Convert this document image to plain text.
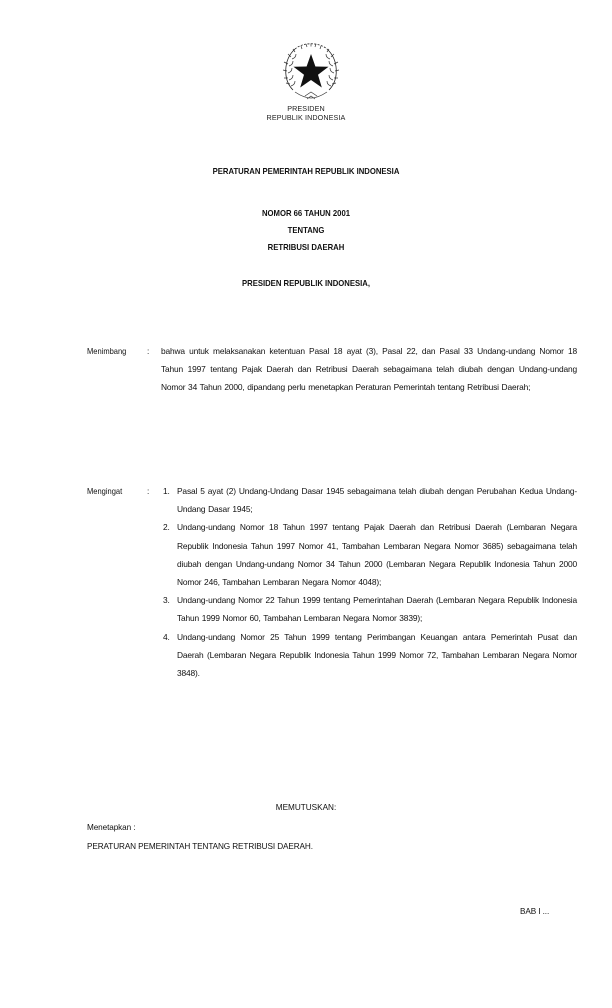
PRESIDEN
REPUBLIK INDONESIA
PERATURAN PEMERINTAH REPUBLIK INDONESIA
NOMOR 66 TAHUN 2001
TENTANG
RETRIBUSI DAERAH
PRESIDEN REPUBLIK INDONESIA,
Menimbang	: bahwa untuk melaksanakan ketentuan Pasal 18 ayat (3), Pasal 22, dan Pasal 33 Undang-undang Nomor 18 Tahun 1997 tentang Pajak Daerah dan Retribusi Daerah sebagaimana telah diubah dengan Undang-undang Nomor 34 Tahun 2000, dipandang perlu menetapkan Peraturan Pemerintah tentang Retribusi Daerah;
Mengingat	: 1. Pasal 5 ayat (2) Undang-Undang Dasar 1945 sebagaimana telah diubah dengan Perubahan Kedua Undang-Undang Dasar 1945;
2. Undang-undang Nomor 18 Tahun 1997 tentang Pajak Daerah dan Retribusi Daerah (Lembaran Negara Republik Indonesia Tahun 1997 Nomor 41, Tambahan Lembaran Negara Nomor 3685) sebagaimana telah diubah dengan Undang-undang Nomor 34 Tahun 2000 (Lembaran Negara Republik Indonesia Tahun 2000 Nomor 246, Tambahan Lembaran Negara Nomor 4048);
3. Undang-undang Nomor 22 Tahun 1999 tentang Pemerintahan Daerah (Lembaran Negara Republik Indonesia Tahun 1999 Nomor 60, Tambahan Lembaran Negara Nomor 3839);
4. Undang-undang Nomor 25 Tahun 1999 tentang Perimbangan Keuangan antara Pemerintah Pusat dan Daerah (Lembaran Negara Republik Indonesia Tahun 1999 Nomor 72, Tambahan Lembaran Negara Nomor 3848).
MEMUTUSKAN:
Menetapkan :
PERATURAN PEMERINTAH TENTANG RETRIBUSI DAERAH.
BAB I ...
